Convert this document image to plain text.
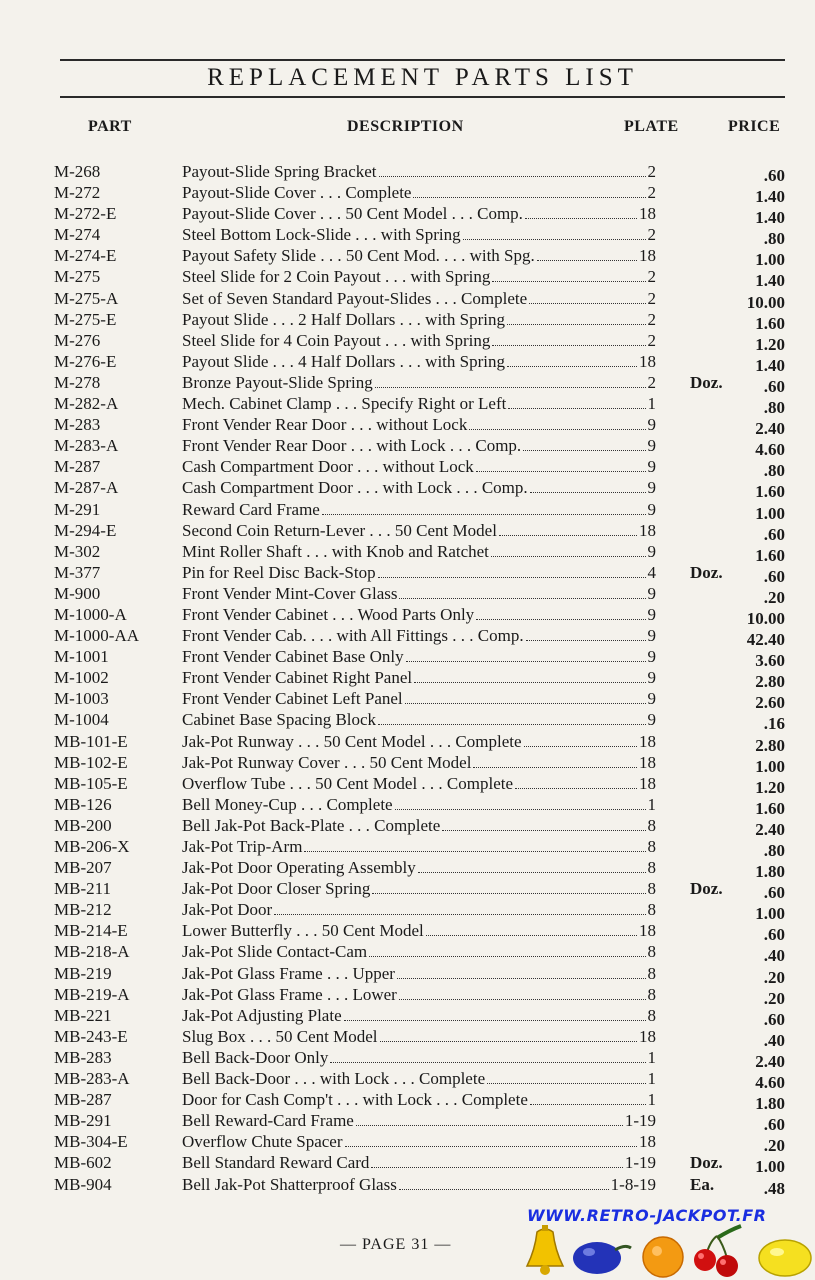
REPLACEMENT PARTS LIST
PART	DESCRIPTION	PLATE	PRICE
M-268	Payout-Slide Spring Bracket	2	.60
M-272	Payout-Slide Cover . . . Complete	2	1.40
M-272-E	Payout-Slide Cover . . . 50 Cent Model . . . Comp.	18	1.40
M-274	Steel Bottom Lock-Slide . . . with Spring	2	.80
M-274-E	Payout Safety Slide . . . 50 Cent Mod. . . . with Spg.	18	1.00
M-275	Steel Slide for 2 Coin Payout . . . with Spring	2	1.40
M-275-A	Set of Seven Standard Payout-Slides . . . Complete	2	10.00
M-275-E	Payout Slide . . . 2 Half Dollars . . . with Spring	2	1.60
M-276	Steel Slide for 4 Coin Payout . . . with Spring	2	1.20
M-276-E	Payout Slide . . . 4 Half Dollars . . . with Spring	18	1.40
M-278	Bronze Payout-Slide Spring	2 Doz. .60
M-282-A	Mech. Cabinet Clamp . . . Specify Right or Left	1	.80
M-283	Front Vender Rear Door . . . without Lock	9	2.40
M-283-A	Front Vender Rear Door . . . with Lock . . . Comp.	9	4.60
M-287	Cash Compartment Door . . . without Lock	9	.80
M-287-A	Cash Compartment Door . . . with Lock . . . Comp.	9	1.60
M-291	Reward Card Frame	9	1.00
M-294-E	Second Coin Return-Lever . . . 50 Cent Model	18	.60
M-302	Mint Roller Shaft . . . with Knob and Ratchet	9	1.60
M-377	Pin for Reel Disc Back-Stop	4 Doz. .60
M-900	Front Vender Mint-Cover Glass	9	.20
M-1000-A	Front Vender Cabinet . . . Wood Parts Only	9	10.00
M-1000-AA	Front Vender Cab. . . . with All Fittings . . . Comp.	9	42.40
M-1001	Front Vender Cabinet Base Only	9	3.60
M-1002	Front Vender Cabinet Right Panel	9	2.80
M-1003	Front Vender Cabinet Left Panel	9	2.60
M-1004	Cabinet Base Spacing Block	9	.16
MB-101-E	Jak-Pot Runway . . . 50 Cent Model . . . Complete	18	2.80
MB-102-E	Jak-Pot Runway Cover . . . 50 Cent Model	18	1.00
MB-105-E	Overflow Tube . . . 50 Cent Model . . . Complete	18	1.20
MB-126	Bell Money-Cup . . . Complete	1	1.60
MB-200	Bell Jak-Pot Back-Plate . . . Complete	8	2.40
MB-206-X	Jak-Pot Trip-Arm	8	.80
MB-207	Jak-Pot Door Operating Assembly	8	1.80
MB-211	Jak-Pot Door Closer Spring	8 Doz. .60
MB-212	Jak-Pot Door	8	1.00
MB-214-E	Lower Butterfly . . . 50 Cent Model	18	.60
MB-218-A	Jak-Pot Slide Contact-Cam	8	.40
MB-219	Jak-Pot Glass Frame . . . Upper	8	.20
MB-219-A	Jak-Pot Glass Frame . . . Lower	8	.20
MB-221	Jak-Pot Adjusting Plate	8	.60
MB-243-E	Slug Box . . . 50 Cent Model	18	.40
MB-283	Bell Back-Door Only	1	2.40
MB-283-A	Bell Back-Door . . . with Lock . . . Complete	1	4.60
MB-287	Door for Cash Comp't . . . with Lock . . . Complete	1	1.80
MB-291	Bell Reward-Card Frame	1-19	.60
MB-304-E	Overflow Chute Spacer	18	.20
MB-602	Bell Standard Reward Card	1-19 Doz. 1.00
MB-904	Bell Jak-Pot Shatterproof Glass	1-8-19 Ea.	.48
WWW.RETRO-JACKPOT.FR
— PAGE 31 —
